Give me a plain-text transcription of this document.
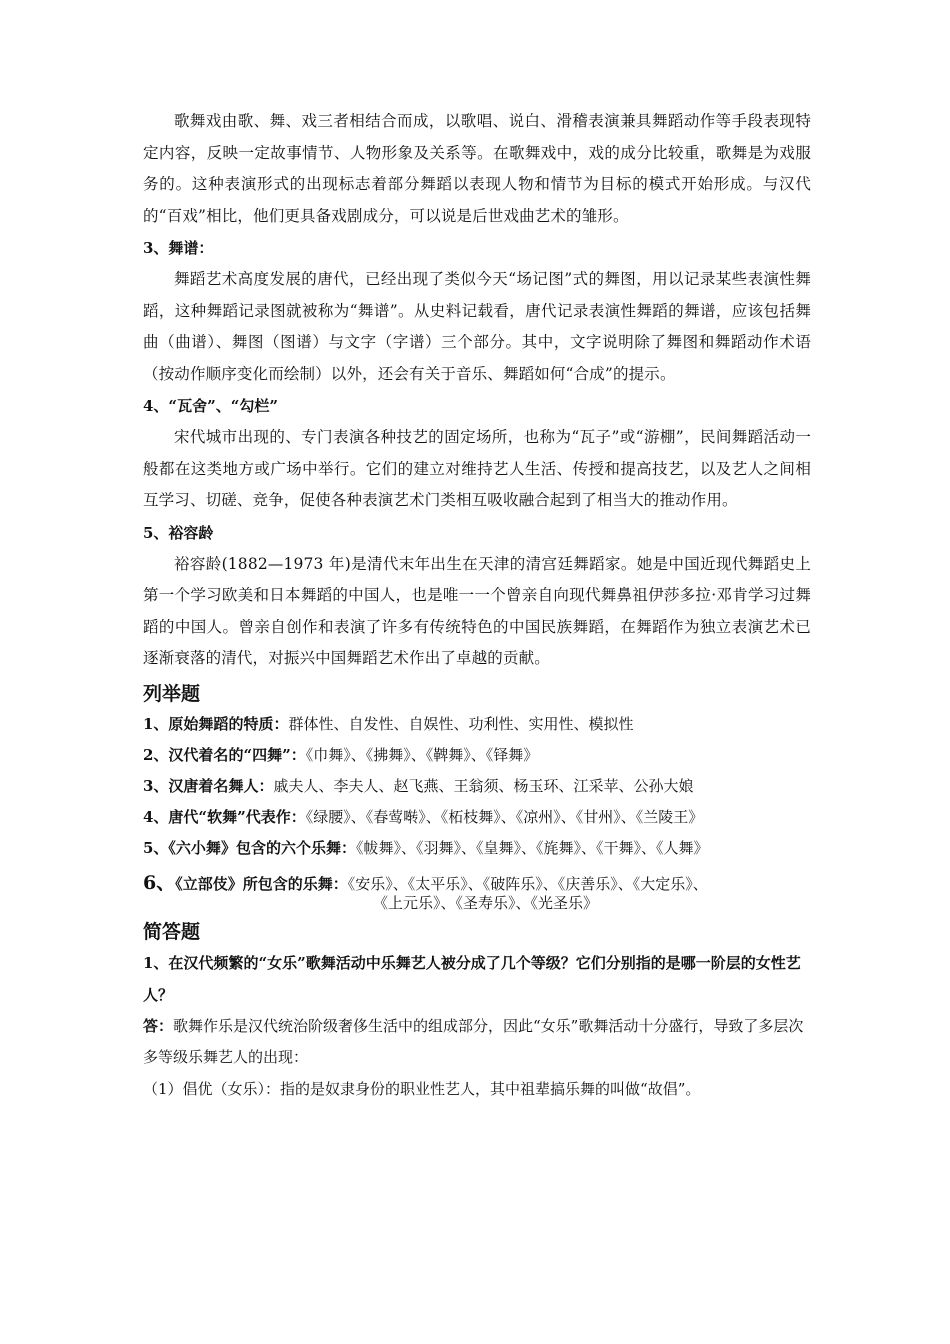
歌舞戏由歌、舞、戏三者相结合而成，以歌唱、说白、滑稽表演兼具舞蹈动作等手段表现特定内容，反映一定故事情节、人物形象及关系等。在歌舞戏中，戏的成分比较重，歌舞是为戏服务的。这种表演形式的出现标志着部分舞蹈以表现人物和情节为目标的模式开始形成。与汉代的“百戏”相比，他们更具备戏剧成分，可以说是后世戏曲艺术的雏形。

3、舞谱：

舞蹈艺术高度发展的唐代，已经出现了类似今天“场记图”式的舞图，用以记录某些表演性舞蹈，这种舞蹈记录图就被称为“舞谱”。从史料记载看，唐代记录表演性舞蹈的舞谱，应该包括舞曲（曲谱）、舞图（图谱）与文字（字谱）三个部分。其中，文字说明除了舞图和舞蹈动作术语（按动作顺序变化而绘制）以外，还会有关于音乐、舞蹈如何“合成”的提示。

4、“瓦舍”、“勾栏”

宋代城市出现的、专门表演各种技艺的固定场所，也称为“瓦子”或“游棚”，民间舞蹈活动一般都在这类地方或广场中举行。它们的建立对维持艺人生活、传授和提高技艺，以及艺人之间相互学习、切磋、竞争，促使各种表演艺术门类相互吸收融合起到了相当大的推动作用。

5、裕容龄

裕容龄(1882—1973 年)是清代末年出生在天津的清宫廷舞蹈家。她是中国近现代舞蹈史上第一个学习欧美和日本舞蹈的中国人，也是唯一一个曾亲自向现代舞鼻祖伊莎多拉·邓肯学习过舞蹈的中国人。曾亲自创作和表演了许多有传统特色的中国民族舞蹈，在舞蹈作为独立表演艺术已逐渐衰落的清代，对振兴中国舞蹈艺术作出了卓越的贡献。

列举题

1、原始舞蹈的特质：群体性、自发性、自娱性、功利性、实用性、模拟性

2、汉代着名的“四舞”：《巾舞》、《拂舞》、《鞞舞》、《铎舞》

3、汉唐着名舞人：戚夫人、李夫人、赵飞燕、王翁须、杨玉环、江采苹、公孙大娘

4、唐代“软舞”代表作：《绿腰》、《春莺啭》、《柘枝舞》、《凉州》、《甘州》、《兰陵王》

5、《六小舞》包含的六个乐舞：《帗舞》、《羽舞》、《皇舞》、《旄舞》、《干舞》、《人舞》

6、《立部伎》所包含的乐舞：《安乐》、《太平乐》、《破阵乐》、《庆善乐》、《大定乐》、
《上元乐》、《圣寿乐》、《光圣乐》

简答题

1、在汉代频繁的“女乐”歌舞活动中乐舞艺人被分成了几个等级？它们分别指的是哪一阶层的女性艺人？

答：歌舞作乐是汉代统治阶级奢侈生活中的组成部分，因此“女乐”歌舞活动十分盛行，导致了多层次多等级乐舞艺人的出现：

（1）倡优（女乐）：指的是奴隶身份的职业性艺人，其中祖辈搞乐舞的叫做“故倡”。
